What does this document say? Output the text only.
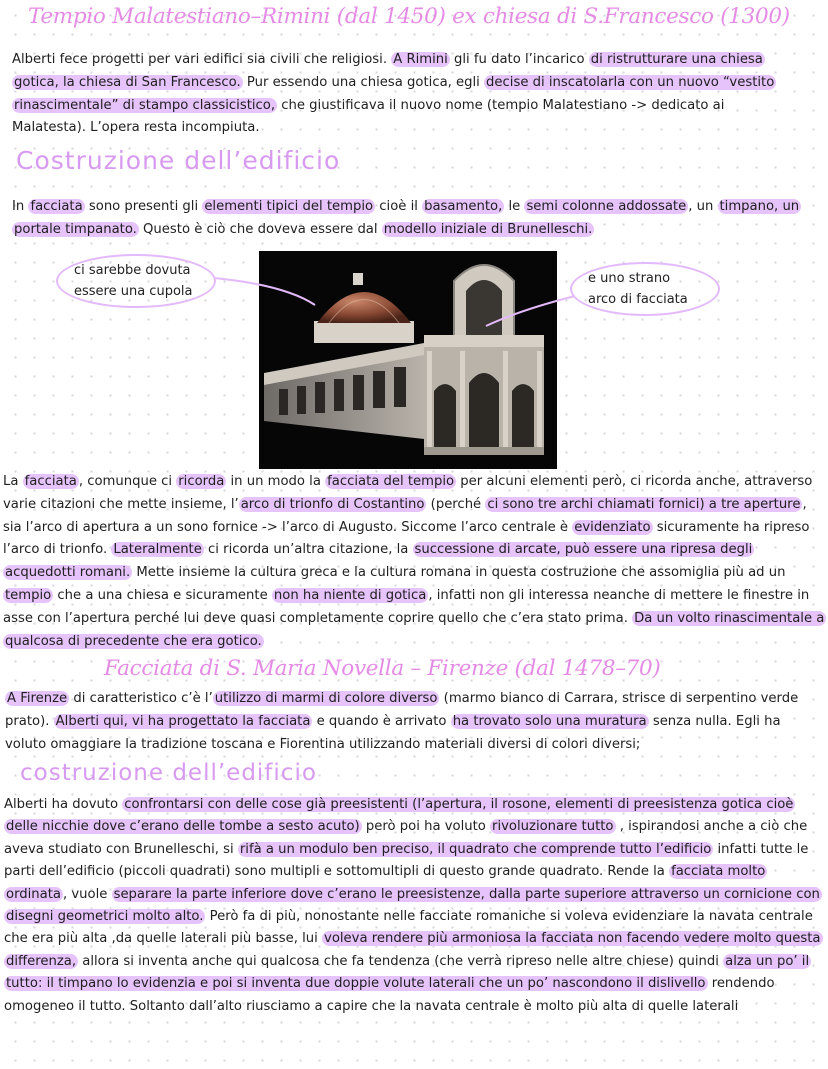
Tempio Malatestiano–Rimini (dal 1450) ex chiesa di S.Francesco (1300)
Alberti fece progetti per vari edifici sia civili che religiosi. A Rimini gli fu dato l’incarico di ristrutturare una chiesa gotica, la chiesa di San Francesco. Pur essendo una chiesa gotica, egli decise di inscatolarla con un nuovo “vestito rinascimentale” di stampo classicistico, che giustificava il nuovo nome (tempio Malatestiano -> dedicato ai Malatesta). L’opera resta incompiuta.
Costruzione dell’edificio
In facciata sono presenti gli elementi tipici del tempio cioè il basamento, le semi colonne addossate , un timpano, un portale timpanato. Questo è ciò che doveva essere dal modello iniziale di Brunelleschi.
ci sarebbe dovuta essere una cupola
e uno strano arco di facciata
La facciata , comunque ci ricorda in un modo la facciata del tempio per alcuni elementi però, ci ricorda anche, attraverso varie citazioni che mette insieme, l’ arco di trionfo di Costantino (perché ci sono tre archi chiamati fornici) a tre aperture , sia l’arco di apertura a un sono fornice -> l’arco di Augusto. Siccome l’arco centrale è evidenziato sicuramente ha ripreso l’arco di trionfo. Lateralmente ci ricorda un’altra citazione, la successione di arcate, può essere una ripresa degli acquedotti romani. Mette insieme la cultura greca e la cultura romana in questa costruzione che assomiglia più ad un tempio che a una chiesa e sicuramente non ha niente di gotica , infatti non gli interessa neanche di mettere le finestre in asse con l’apertura perché lui deve quasi completamente coprire quello che c’era stato prima. Da un volto rinascimentale a qualcosa di precedente che era gotico.
Facciata di S. Maria Novella – Firenze (dal 1478–70)
A Firenze di caratteristico c’è l’ utilizzo di marmi di colore diverso (marmo bianco di Carrara, strisce di serpentino verde prato). Alberti qui, vi ha progettato la facciata e quando è arrivato ha trovato solo una muratura senza nulla. Egli ha voluto omaggiare la tradizione toscana e Fiorentina utilizzando materiali diversi di colori diversi;
costruzione dell’edificio
Alberti ha dovuto confrontarsi con delle cose già preesistenti (l’apertura, il rosone, elementi di preesistenza gotica cioè delle nicchie dove c’erano delle tombe a sesto acuto) però poi ha voluto rivoluzionare tutto , ispirandosi anche a ciò che aveva studiato con Brunelleschi, si rifà a un modulo ben preciso, il quadrato che comprende tutto l’edificio infatti tutte le parti dell’edificio (piccoli quadrati) sono multipli e sottomultipli di questo grande quadrato. Rende la facciata molto ordinata , vuole separare la parte inferiore dove c’erano le preesistenze, dalla parte superiore attraverso un cornicione con disegni geometrici molto alto. Però fa di più, nonostante nelle facciate romaniche si voleva evidenziare la navata centrale che era più alta ,da quelle laterali più basse, lui voleva rendere più armoniosa la facciata non facendo vedere molto questa differenza, allora si inventa anche qui qualcosa che fa tendenza (che verrà ripreso nelle altre chiese) quindi alza un po’ il tutto: il timpano lo evidenzia e poi si inventa due doppie volute laterali che un po’ nascondono il dislivello rendendo omogeneo il tutto. Soltanto dall’alto riusciamo a capire che la navata centrale è molto più alta di quelle laterali
